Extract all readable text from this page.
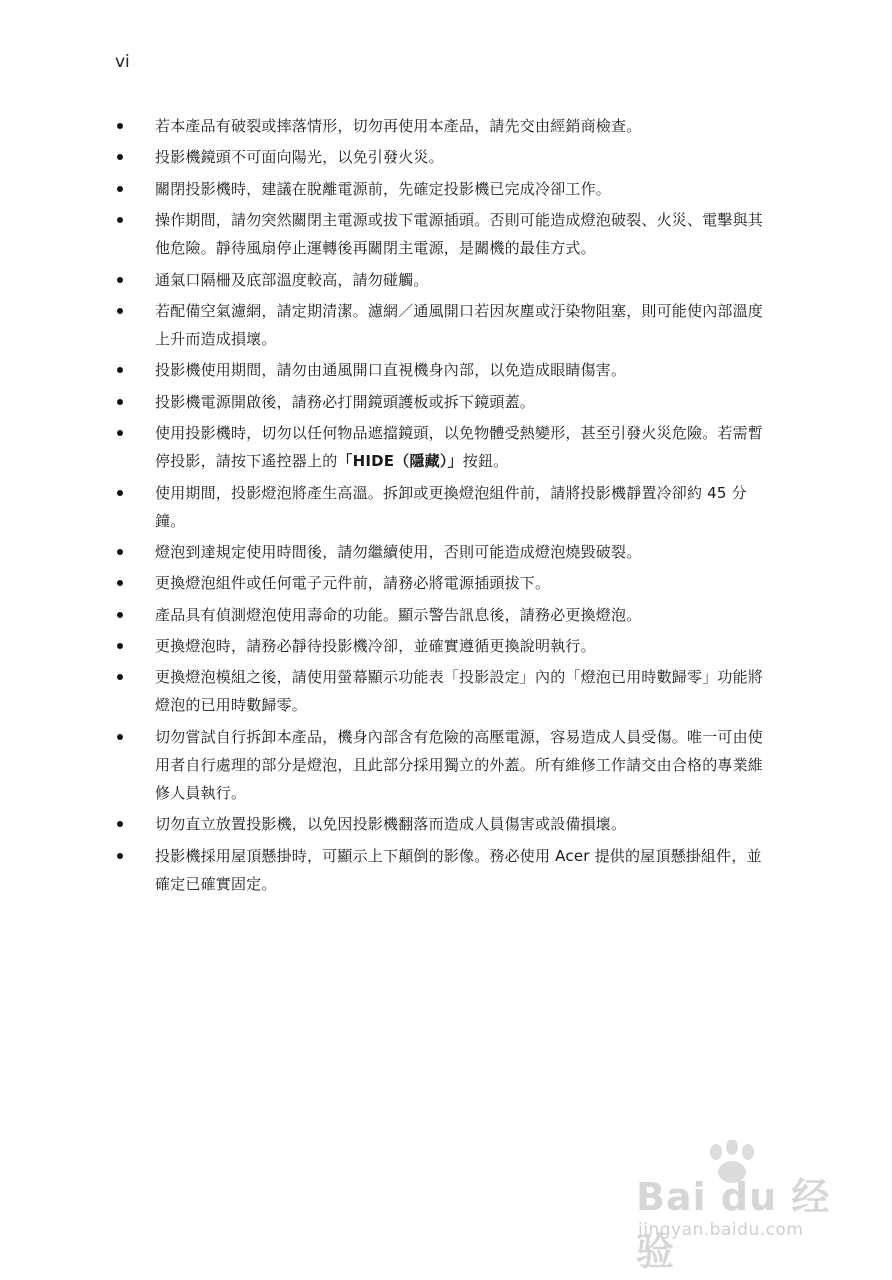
vi
若本產品有破裂或摔落情形，切勿再使用本產品，請先交由經銷商檢查。
投影機鏡頭不可面向陽光，以免引發火災。
關閉投影機時，建議在脫離電源前，先確定投影機已完成冷卻工作。
操作期間，請勿突然關閉主電源或拔下電源插頭。否則可能造成燈泡破裂、火災、電擊與其他危險。靜待風扇停止運轉後再關閉主電源，是關機的最佳方式。
通氣口隔柵及底部溫度較高，請勿碰觸。
若配備空氣濾網，請定期清潔。濾網／通風開口若因灰塵或汙染物阻塞，則可能使內部溫度上升而造成損壞。
投影機使用期間，請勿由通風開口直視機身內部，以免造成眼睛傷害。
投影機電源開啟後，請務必打開鏡頭護板或拆下鏡頭蓋。
使用投影機時，切勿以任何物品遮擋鏡頭，以免物體受熱變形，甚至引發火災危險。若需暫停投影，請按下遙控器上的「HIDE（隱藏）」按鈕。
使用期間，投影燈泡將產生高溫。拆卸或更換燈泡組件前，請將投影機靜置冷卻約 45 分鐘。
燈泡到達規定使用時間後，請勿繼續使用，否則可能造成燈泡燒毀破裂。
更換燈泡組件或任何電子元件前，請務必將電源插頭拔下。
產品具有偵測燈泡使用壽命的功能。顯示警告訊息後，請務必更換燈泡。
更換燈泡時，請務必靜待投影機冷卻，並確實遵循更換說明執行。
更換燈泡模組之後，請使用螢幕顯示功能表「投影設定」內的「燈泡已用時數歸零」功能將燈泡的已用時數歸零。
切勿嘗試自行拆卸本產品，機身內部含有危險的高壓電源，容易造成人員受傷。唯一可由使用者自行處理的部分是燈泡，且此部分採用獨立的外蓋。所有維修工作請交由合格的專業維修人員執行。
切勿直立放置投影機，以免因投影機翻落而造成人員傷害或設備損壞。
投影機採用屋頂懸掛時，可顯示上下顛倒的影像。務必使用 Acer 提供的屋頂懸掛組件，並確定已確實固定。
Bai du 经验
jingyan.baidu.com
